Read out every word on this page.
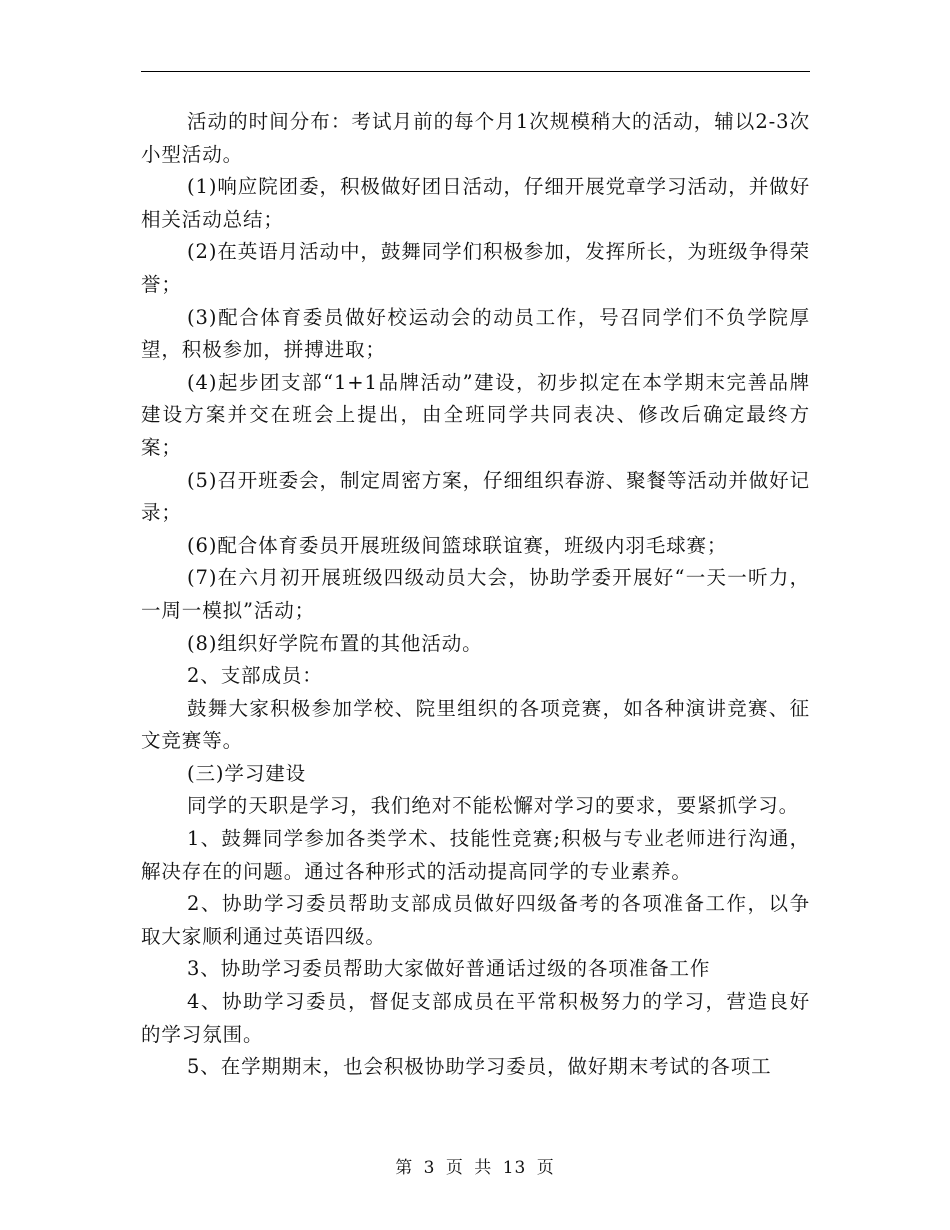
活动的时间分布：考试月前的每个月1次规模稍大的活动，辅以2-3次小型活动。

(1)响应院团委，积极做好团日活动，仔细开展党章学习活动，并做好相关活动总结；

(2)在英语月活动中，鼓舞同学们积极参加，发挥所长，为班级争得荣誉；

(3)配合体育委员做好校运动会的动员工作，号召同学们不负学院厚望，积极参加，拼搏进取；

(4)起步团支部“1+1品牌活动”建设，初步拟定在本学期末完善品牌建设方案并交在班会上提出，由全班同学共同表决、修改后确定最终方案；

(5)召开班委会，制定周密方案，仔细组织春游、聚餐等活动并做好记录；

(6)配合体育委员开展班级间篮球联谊赛，班级内羽毛球赛；

(7)在六月初开展班级四级动员大会，协助学委开展好“一天一听力，一周一模拟”活动；

(8)组织好学院布置的其他活动。

2、支部成员：

鼓舞大家积极参加学校、院里组织的各项竞赛，如各种演讲竞赛、征文竞赛等。

(三)学习建设

同学的天职是学习，我们绝对不能松懈对学习的要求，要紧抓学习。

1、鼓舞同学参加各类学术、技能性竞赛;积极与专业老师进行沟通，解决存在的问题。通过各种形式的活动提高同学的专业素养。

2、协助学习委员帮助支部成员做好四级备考的各项准备工作，以争取大家顺利通过英语四级。

3、协助学习委员帮助大家做好普通话过级的各项准备工作

4、协助学习委员，督促支部成员在平常积极努力的学习，营造良好的学习氛围。

5、在学期期末，也会积极协助学习委员，做好期末考试的各项工

第 3 页 共 13 页
